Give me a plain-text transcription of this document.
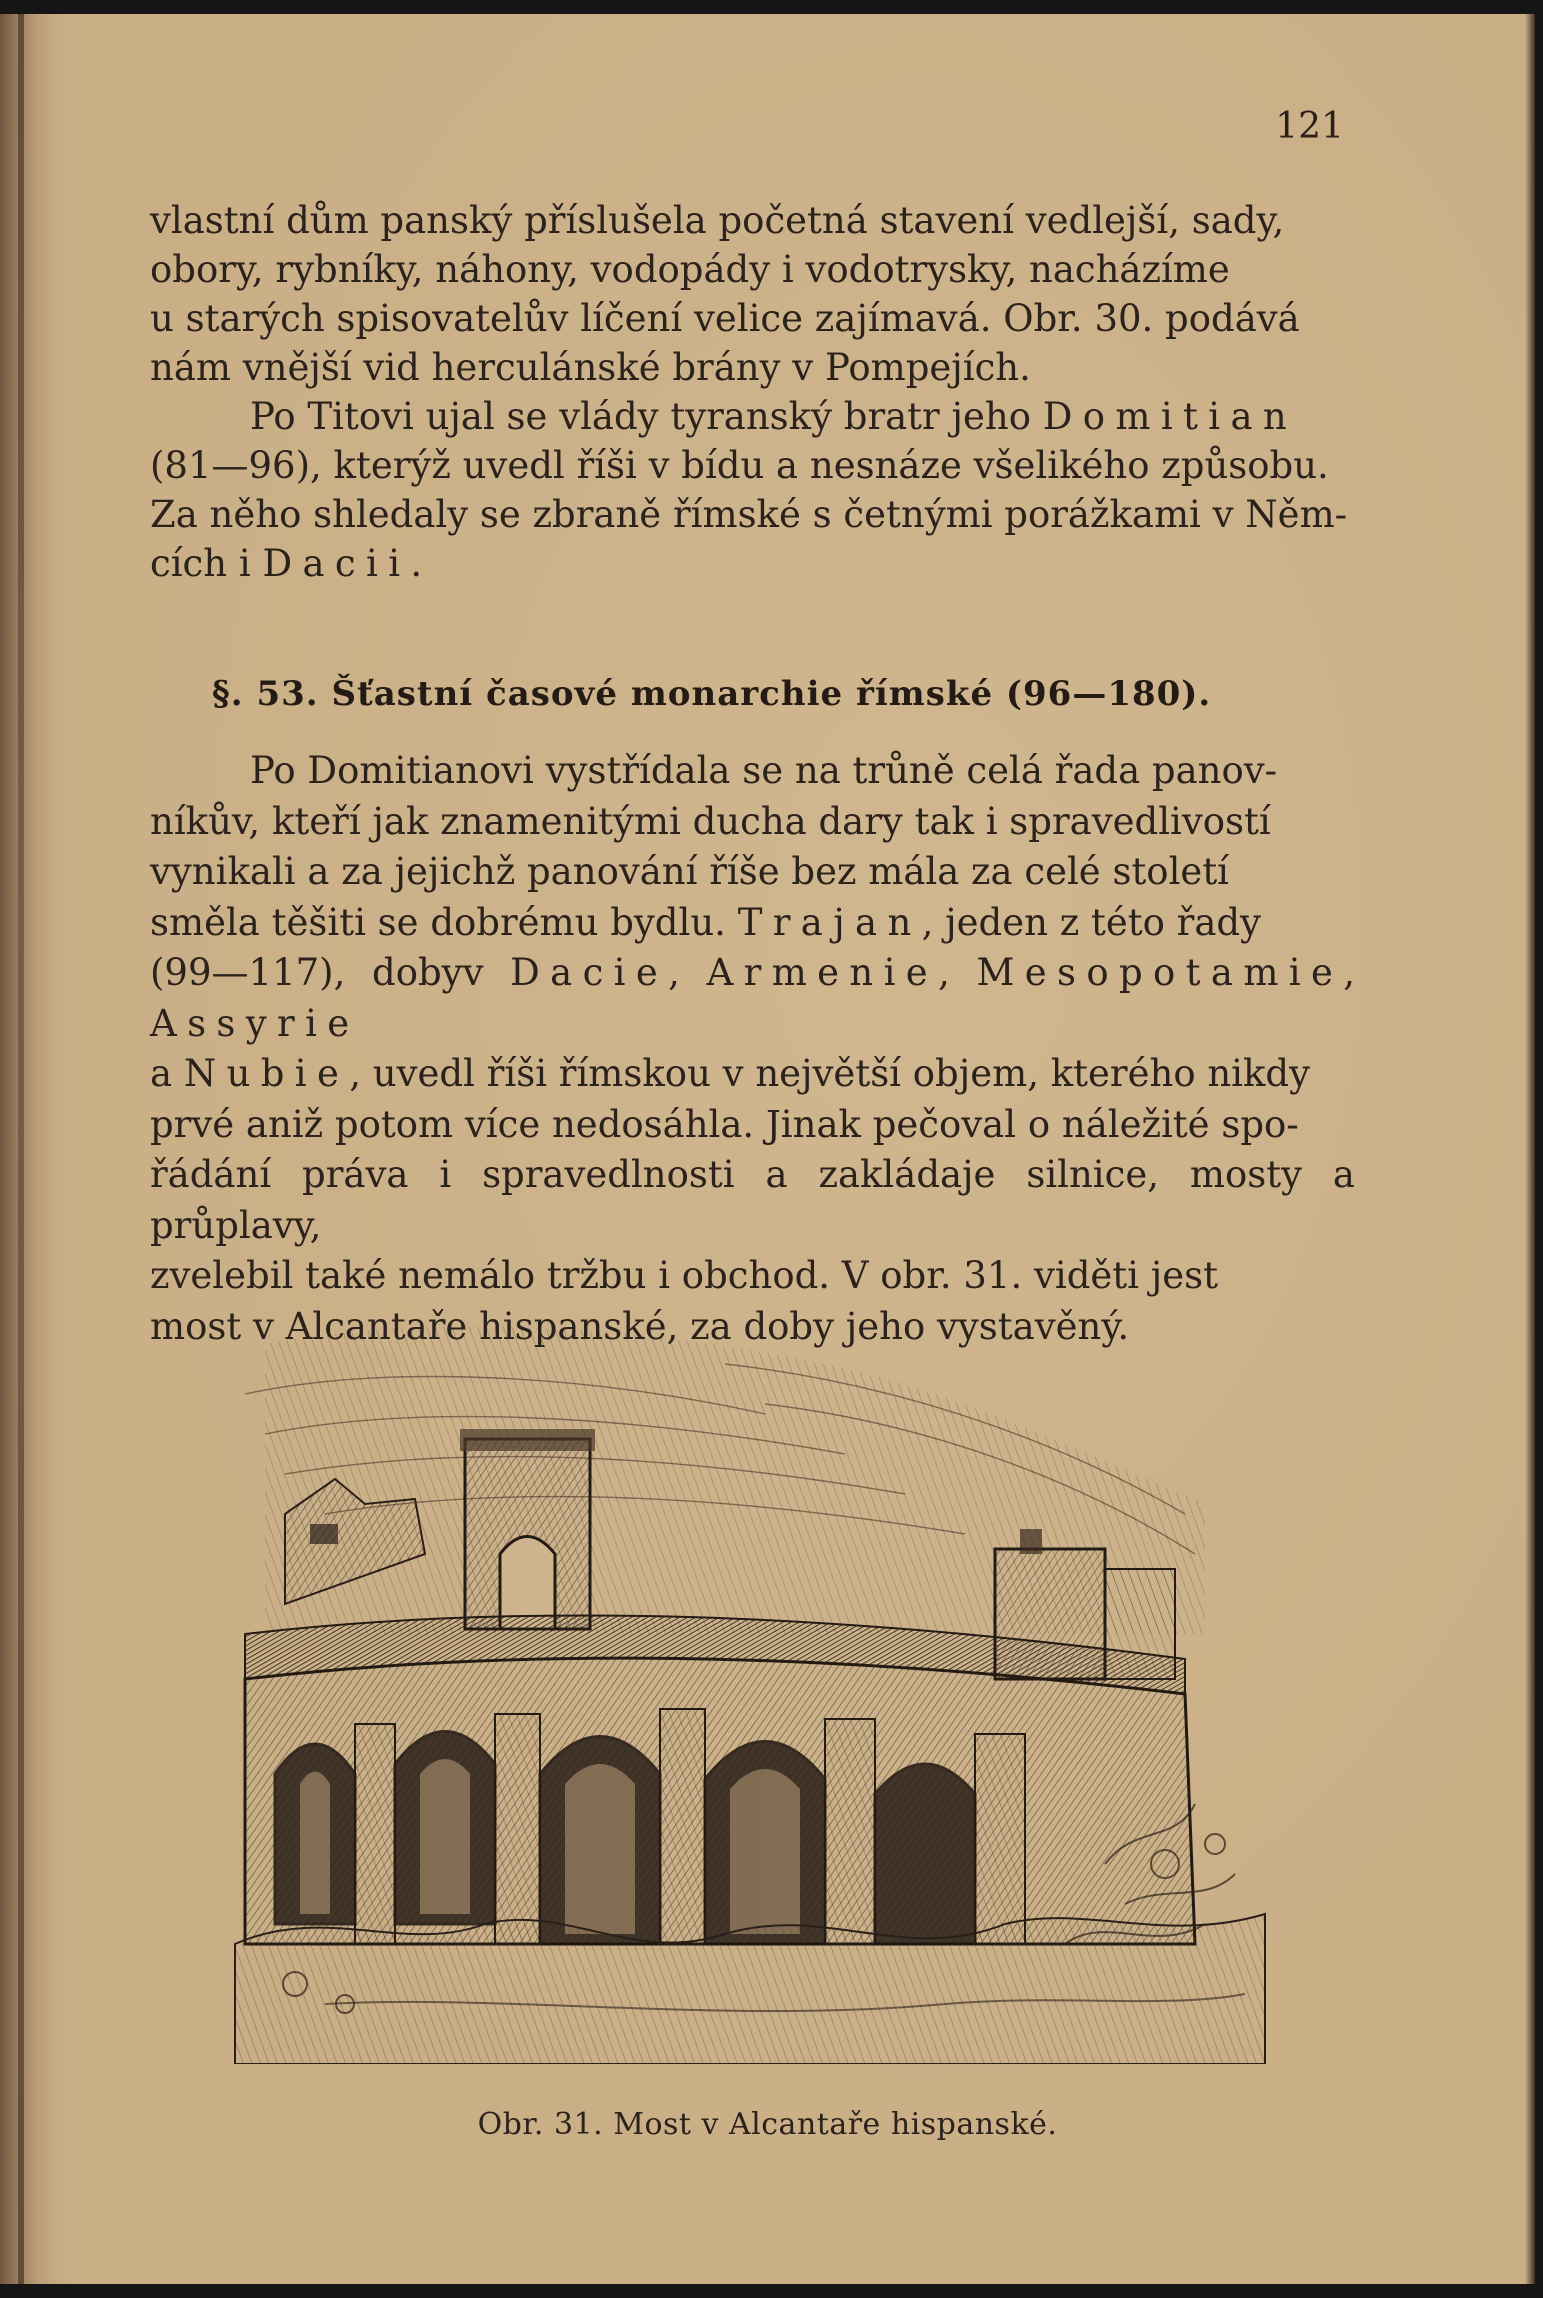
121

vlastní dům panský příslušela početná stavení vedlejší, sady,
obory, rybníky, náhony, vodopády i vodotrysky, nacházíme
u starých spisovatelův líčení velice zajímavá. Obr. 30. podává
nám vnější vid herculánské brány v Pompejích.

Po Titovi ujal se vlády tyranský bratr jeho Domitian
(81—96), kterýž uvedl říši v bídu a nesnáze všelikého způsobu.
Za něho shledaly se zbraně římské s četnými porážkami v Něm-
cích i Dacii.

§. 53. Šťastní časové monarchie římské (96—180).

Po Domitianovi vystřídala se na trůně celá řada panov-
níkův, kteří jak znamenitými ducha dary tak i spravedlivostí
vynikali a za jejichž panování říše bez mála za celé století
směla těšiti se dobrému bydlu. Trajan, jeden z této řady
(99—117), dobyv Dacie, Armenie, Mesopotamie, Assyrie
a Nubie, uvedl říši římskou v největší objem, kterého nikdy
prvé aniž potom více nedosáhla. Jinak pečoval o náležité spo-
řádání práva i spravedlnosti a zakládaje silnice, mosty a průplavy,
zvelebil také nemálo tržbu i obchod. V obr. 31. viděti jest
most v Alcantaře hispanské, za doby jeho vystavěný.

Obr. 31. Most v Alcantaře hispanské.
